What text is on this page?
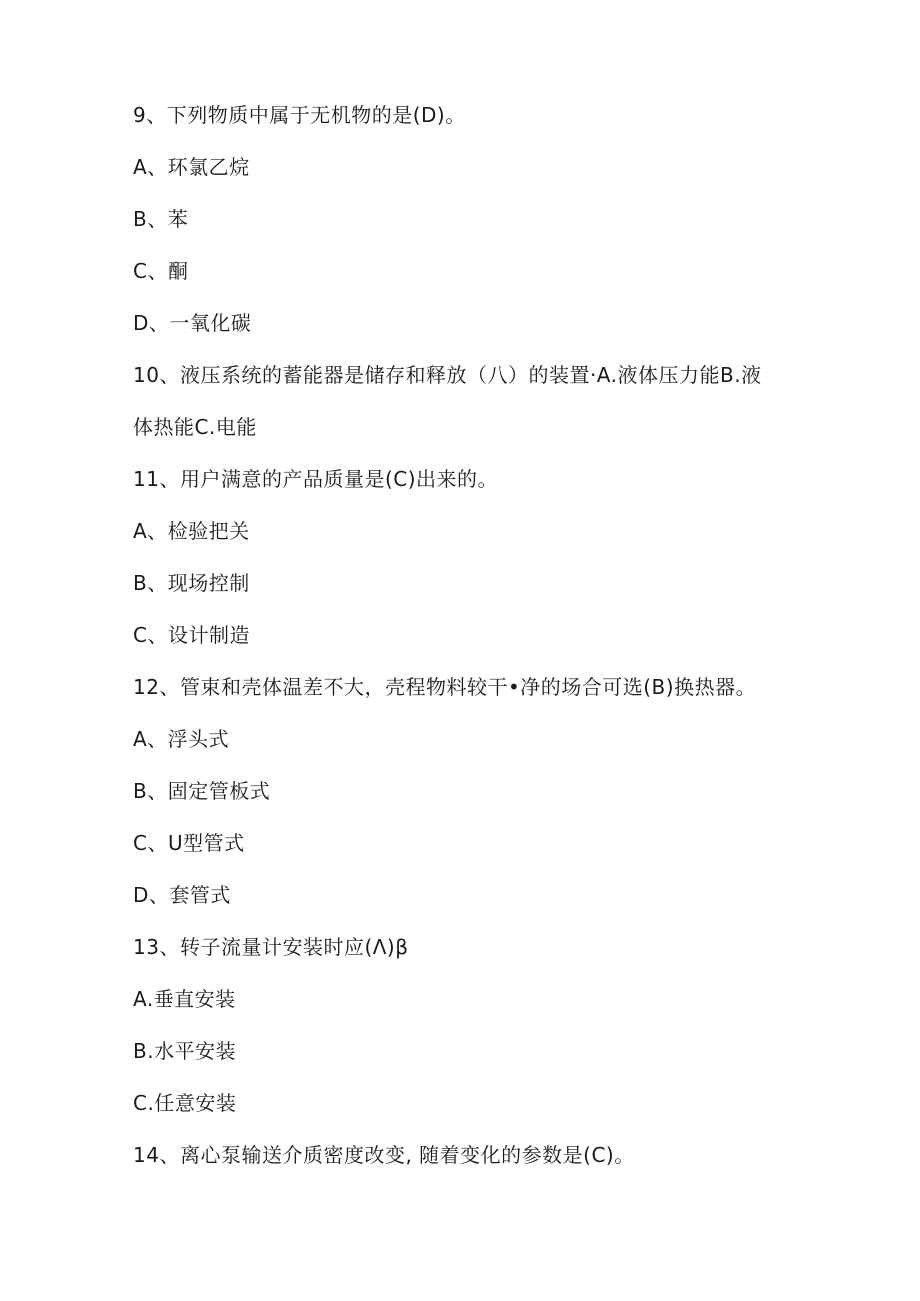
9、下列物质中属于无机物的是(D)。
A、环氯乙烷
B、苯
C、酮
D、一氧化碳
10、液压系统的蓄能器是储存和释放（八）的装置·A.液体压力能B.液
体热能C.电能
11、用户满意的产品质量是(C)出来的。
A、检验把关
B、现场控制
C、设计制造
12、管束和壳体温差不大，壳程物料较干•净的场合可选(B)换热器。
A、浮头式
B、固定管板式
C、U型管式
D、套管式
13、转子流量计安装时应(Λ)β
A.垂直安装
B.水平安装
C.任意安装
14、离心泵输送介质密度改变, 随着变化的参数是(C)。
